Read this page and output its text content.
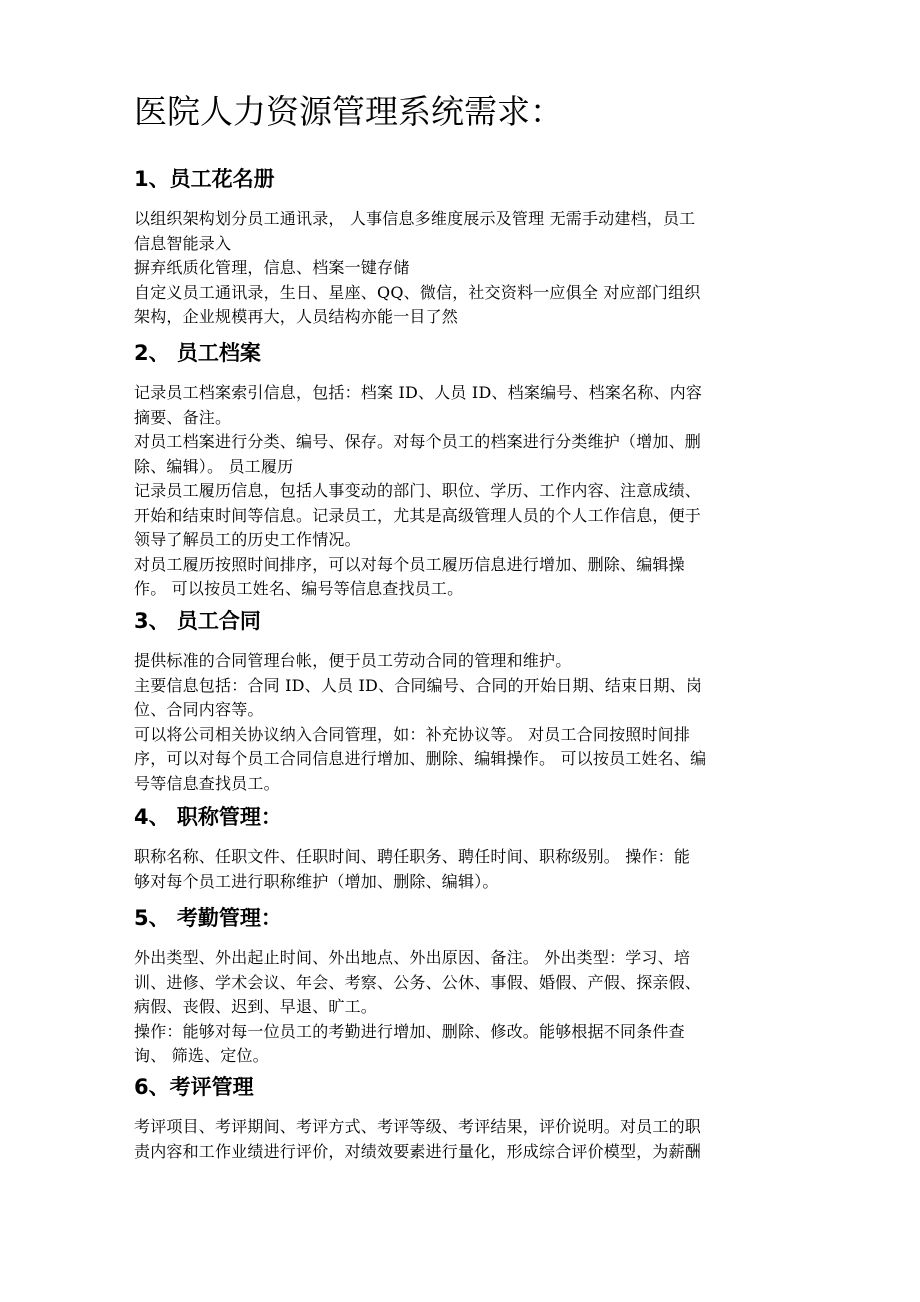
医院人力资源管理系统需求：
1、员工花名册

以组织架构划分员工通讯录， 人事信息多维度展示及管理 无需手动建档，员工

信息智能录入

摒弃纸质化管理，信息、档案一键存储

自定义员工通讯录，生日、星座、QQ、微信，社交资料一应俱全 对应部门组织

架构，企业规模再大，人员结构亦能一目了然

2、 员工档案

记录员工档案索引信息，包括：档案 ID、人员 ID、档案编号、档案名称、内容

摘要、备注。

对员工档案进行分类、编号、保存。对每个员工的档案进行分类维护（增加、删

除、编辑）。 员工履历

记录员工履历信息，包括人事变动的部门、职位、学历、工作内容、注意成绩、

开始和结束时间等信息。记录员工，尤其是高级管理人员的个人工作信息，便于

领导了解员工的历史工作情况。

对员工履历按照时间排序，可以对每个员工履历信息进行增加、删除、编辑操

作。 可以按员工姓名、编号等信息查找员工。

3、 员工合同

提供标准的合同管理台帐，便于员工劳动合同的管理和维护。

主要信息包括：合同 ID、人员 ID、合同编号、合同的开始日期、结束日期、岗

位、合同内容等。

可以将公司相关协议纳入合同管理，如：补充协议等。 对员工合同按照时间排

序，可以对每个员工合同信息进行增加、删除、编辑操作。 可以按员工姓名、编

号等信息查找员工。

4、 职称管理：

职称名称、任职文件、任职时间、聘任职务、聘任时间、职称级别。 操作：能

够对每个员工进行职称维护（增加、删除、编辑）。

5、 考勤管理：

外出类型、外出起止时间、外出地点、外出原因、备注。 外出类型：学习、培

训、进修、学术会议、年会、考察、公务、公休、事假、婚假、产假、探亲假、

病假、丧假、迟到、早退、旷工。

操作：能够对每一位员工的考勤进行增加、删除、修改。能够根据不同条件查

询、 筛选、定位。

6、考评管理

考评项目、考评期间、考评方式、考评等级、考评结果，评价说明。对员工的职

责内容和工作业绩进行评价，对绩效要素进行量化，形成综合评价模型，为薪酬
